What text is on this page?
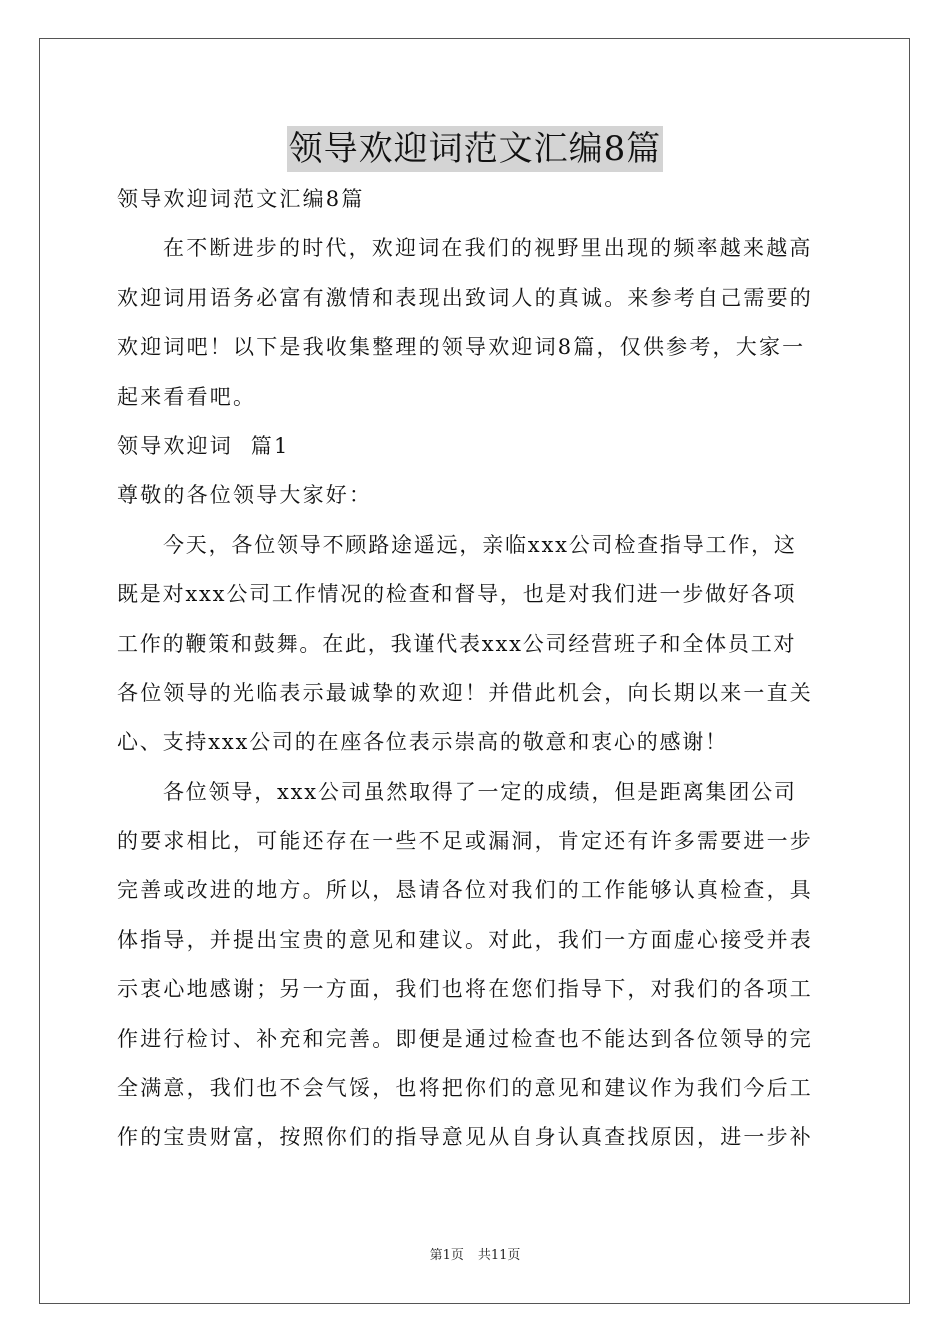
领导欢迎词范文汇编8篇
领导欢迎词范文汇编8篇
在不断进步的时代，欢迎词在我们的视野里出现的频率越来越高
欢迎词用语务必富有激情和表现出致词人的真诚。来参考自己需要的
欢迎词吧！以下是我收集整理的领导欢迎词8篇，仅供参考，大家一
起来看看吧。
领导欢迎词  篇1
尊敬的各位领导大家好：
今天，各位领导不顾路途遥远，亲临xxx公司检查指导工作，这
既是对xxx公司工作情况的检查和督导，也是对我们进一步做好各项
工作的鞭策和鼓舞。在此，我谨代表xxx公司经营班子和全体员工对
各位领导的光临表示最诚挚的欢迎！并借此机会，向长期以来一直关
心、支持xxx公司的在座各位表示崇高的敬意和衷心的感谢！
各位领导，xxx公司虽然取得了一定的成绩，但是距离集团公司
的要求相比，可能还存在一些不足或漏洞，肯定还有许多需要进一步
完善或改进的地方。所以，恳请各位对我们的工作能够认真检查，具
体指导，并提出宝贵的意见和建议。对此，我们一方面虚心接受并表
示衷心地感谢；另一方面，我们也将在您们指导下，对我们的各项工
作进行检讨、补充和完善。即便是通过检查也不能达到各位领导的完
全满意，我们也不会气馁，也将把你们的意见和建议作为我们今后工
作的宝贵财富，按照你们的指导意见从自身认真查找原因，进一步补
第1页 共11页
